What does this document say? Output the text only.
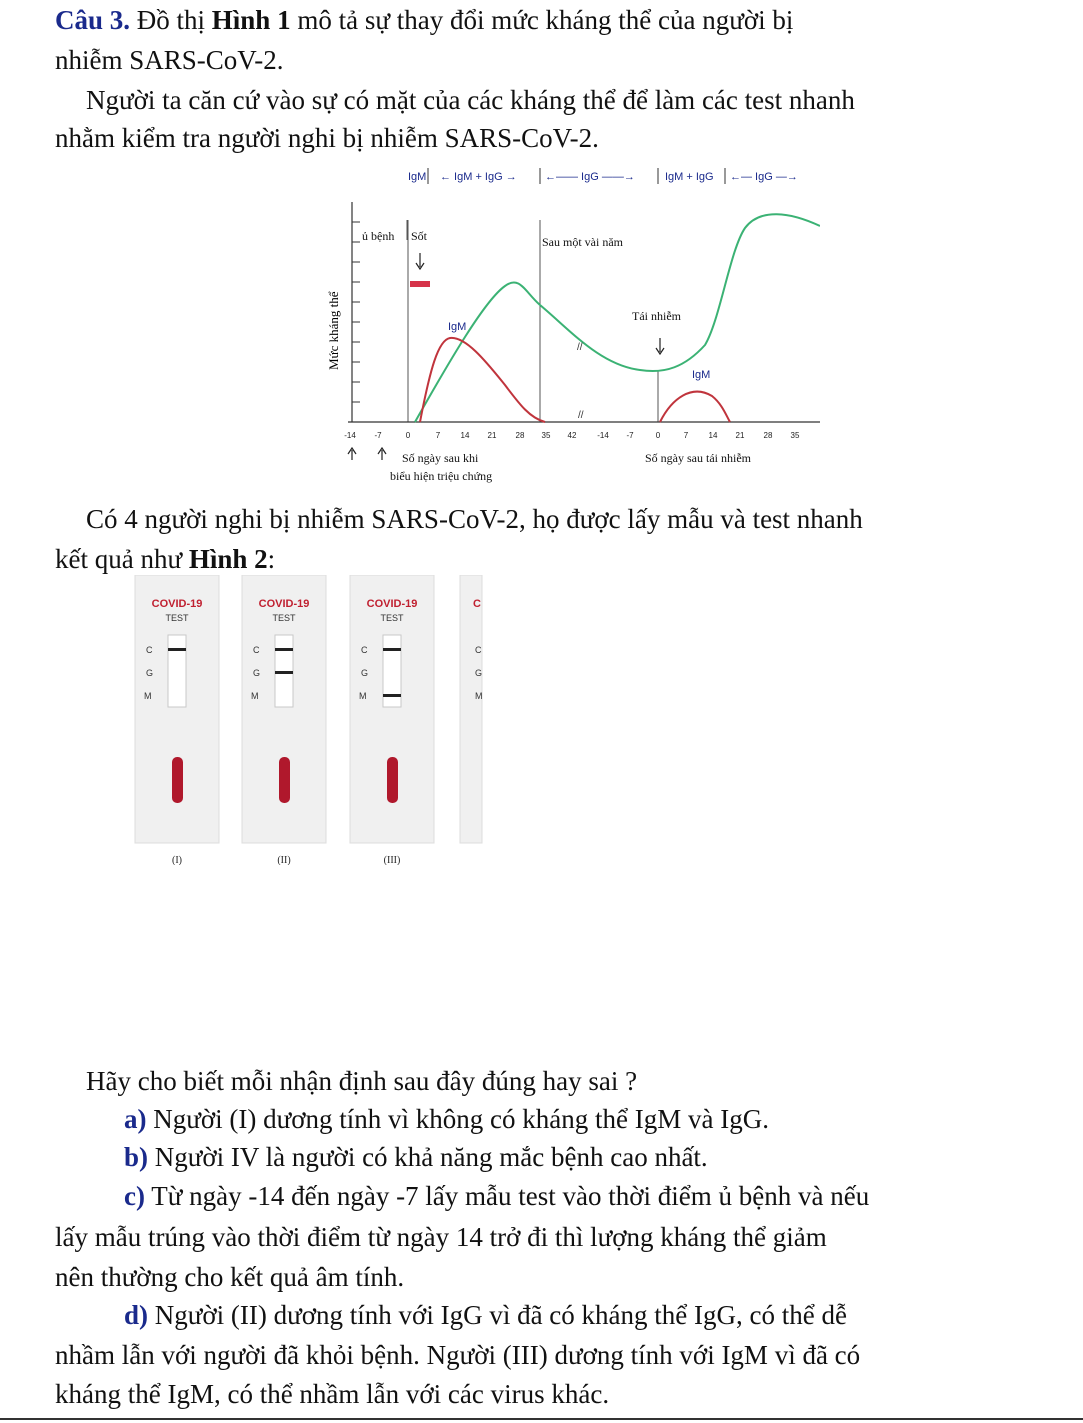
Câu 3. Đồ thị Hình 1 mô tả sự thay đổi mức kháng thể của người bị
nhiễm SARS-CoV-2.
Người ta căn cứ vào sự có mặt của các kháng thể để làm các test nhanh
nhằm kiểm tra người nghi bị nhiễm SARS-CoV-2.
IgM ← IgM + IgG →	←—— IgG ——→	IgM + IgG ←— IgG —→
Mức kháng thể
-14 -7	0	7	14 21 28 35 42	-14 -7	0	7	14 21 28 35
//
ủ bệnh Sốt	Sau một vài năm
Tái nhiễm
//
IgM
IgM
Số ngày sau khi
biểu hiện triệu chứng
Số ngày sau tái nhiễm
Có 4 người nghi bị nhiễm SARS-CoV-2, họ được lấy mẫu và test nhanh
kết quả như Hình 2:
COVID-19
TEST
C
G
M
COVID-19
TEST
C
G
M
COVID-19
TEST
C
G
M
C
C
G
M
(I)	(II)	(III)
Hãy cho biết mỗi nhận định sau đây đúng hay sai ?
a) Người (I) dương tính vì không có kháng thể IgM và IgG.
b) Người IV là người có khả năng mắc bệnh cao nhất.
c) Từ ngày -14 đến ngày -7 lấy mẫu test vào thời điểm ủ bệnh và nếu
lấy mẫu trúng vào thời điểm từ ngày 14 trở đi thì lượng kháng thể giảm
nên thường cho kết quả âm tính.
d) Người (II) dương tính với IgG vì đã có kháng thể IgG, có thể dễ
nhầm lẫn với người đã khỏi bệnh. Người (III) dương tính với IgM vì đã có
kháng thể IgM, có thể nhầm lẫn với các virus khác.
